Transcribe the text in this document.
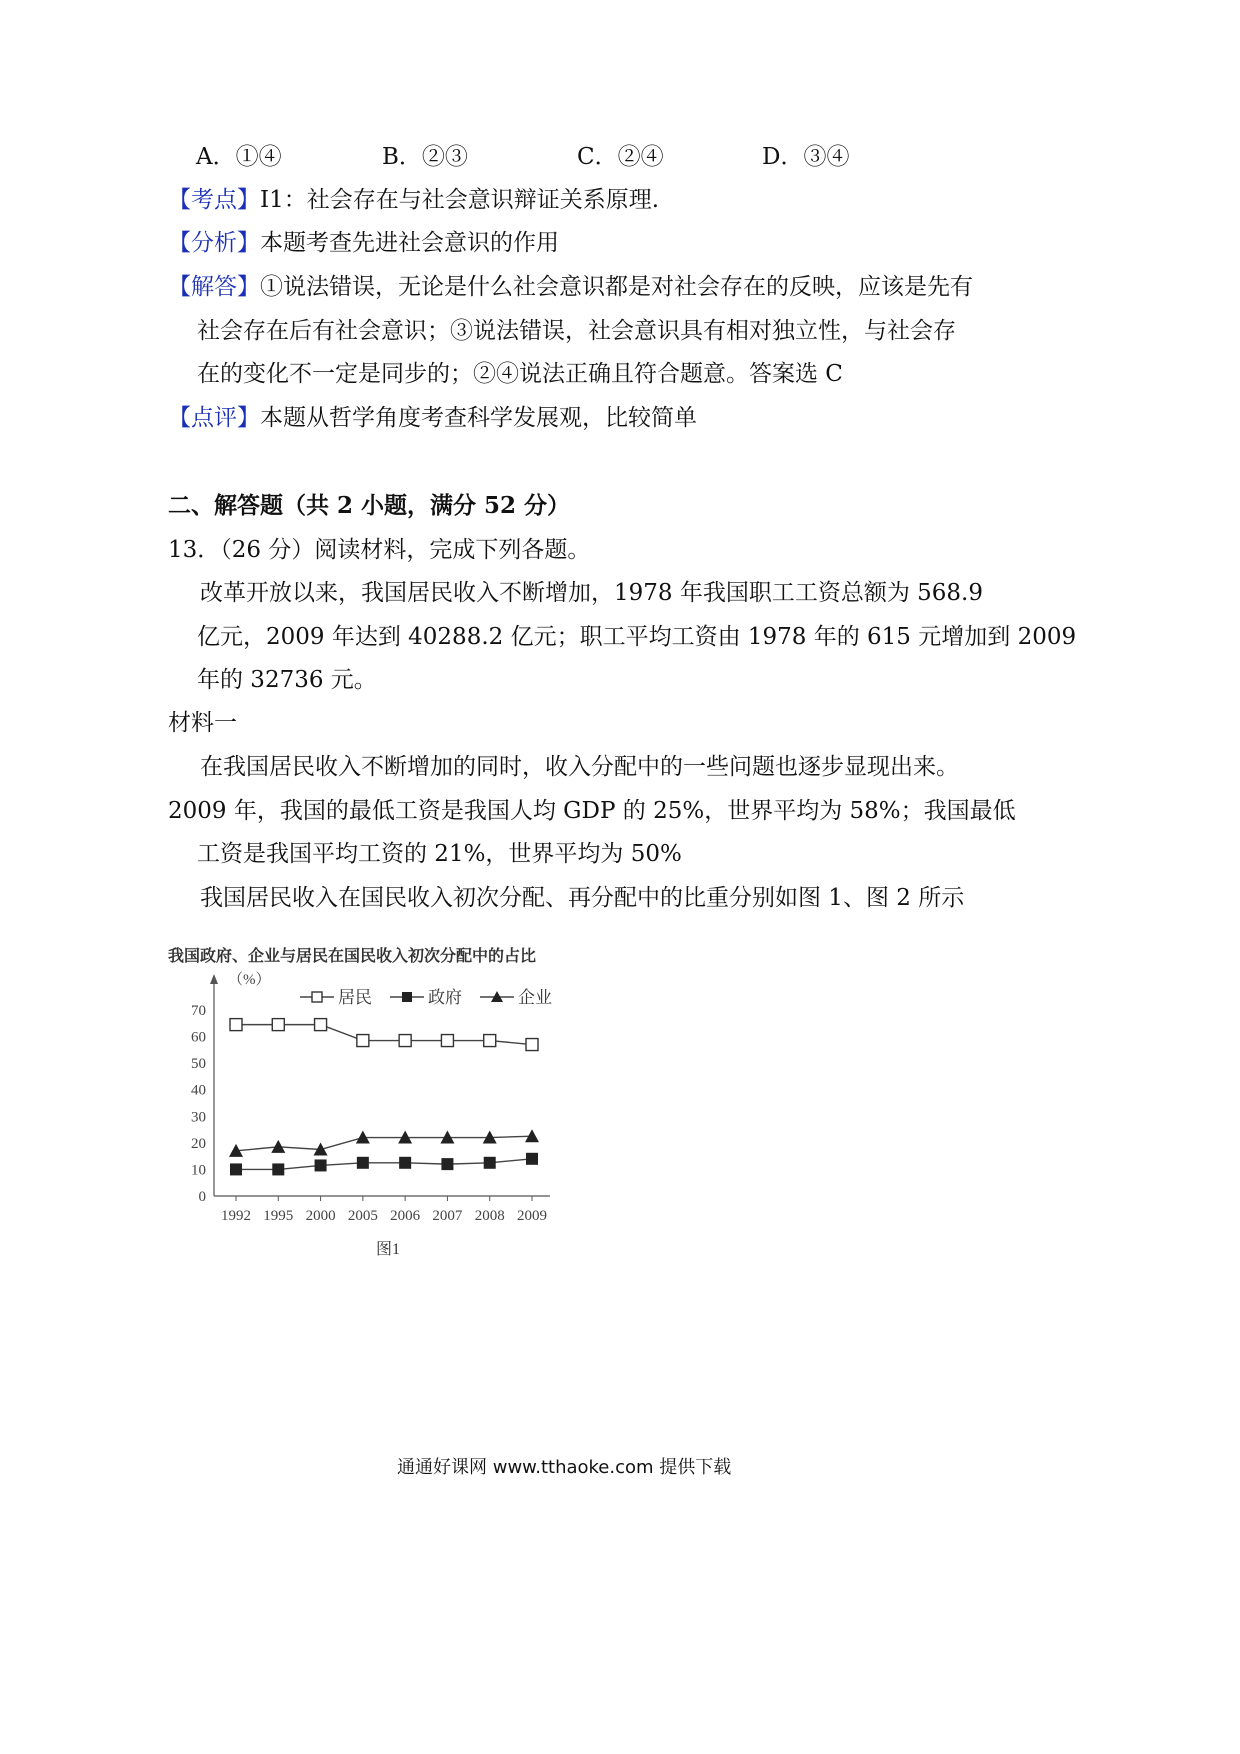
A．①④	B．②③	C．②④	D．③④
【考点】I1：社会存在与社会意识辩证关系原理.
【分析】本题考查先进社会意识的作用
【解答】①说法错误，无论是什么社会意识都是对社会存在的反映，应该是先有
社会存在后有社会意识；③说法错误，社会意识具有相对独立性，与社会存
在的变化不一定是同步的；②④说法正确且符合题意。答案选 C
【点评】本题从哲学角度考查科学发展观，比较简单
二、解答题（共 2 小题，满分 52 分）
13．（26 分）阅读材料，完成下列各题。
改革开放以来，我国居民收入不断增加，1978 年我国职工工资总额为 568.9
亿元，2009 年达到 40288.2 亿元；职工平均工资由 1978 年的 615 元增加到 2009
年的 32736 元。
材料一
在我国居民收入不断增加的同时，收入分配中的一些问题也逐步显现出来。
2009 年，我国的最低工资是我国人均 GDP 的 25%，世界平均为 58%；我国最低
工资是我国平均工资的 21%，世界平均为 50%
我国居民收入在国民收入初次分配、再分配中的比重分别如图 1、图 2 所示
我国政府、企业与居民在国民收入初次分配中的占比
（%）
0
10
20
30
40
50
60
70
1992 1995 2000 2005 2006 2007 2008 2009
居民	政府	企业
图1
通通好课网 www.tthaoke.com 提供下载
